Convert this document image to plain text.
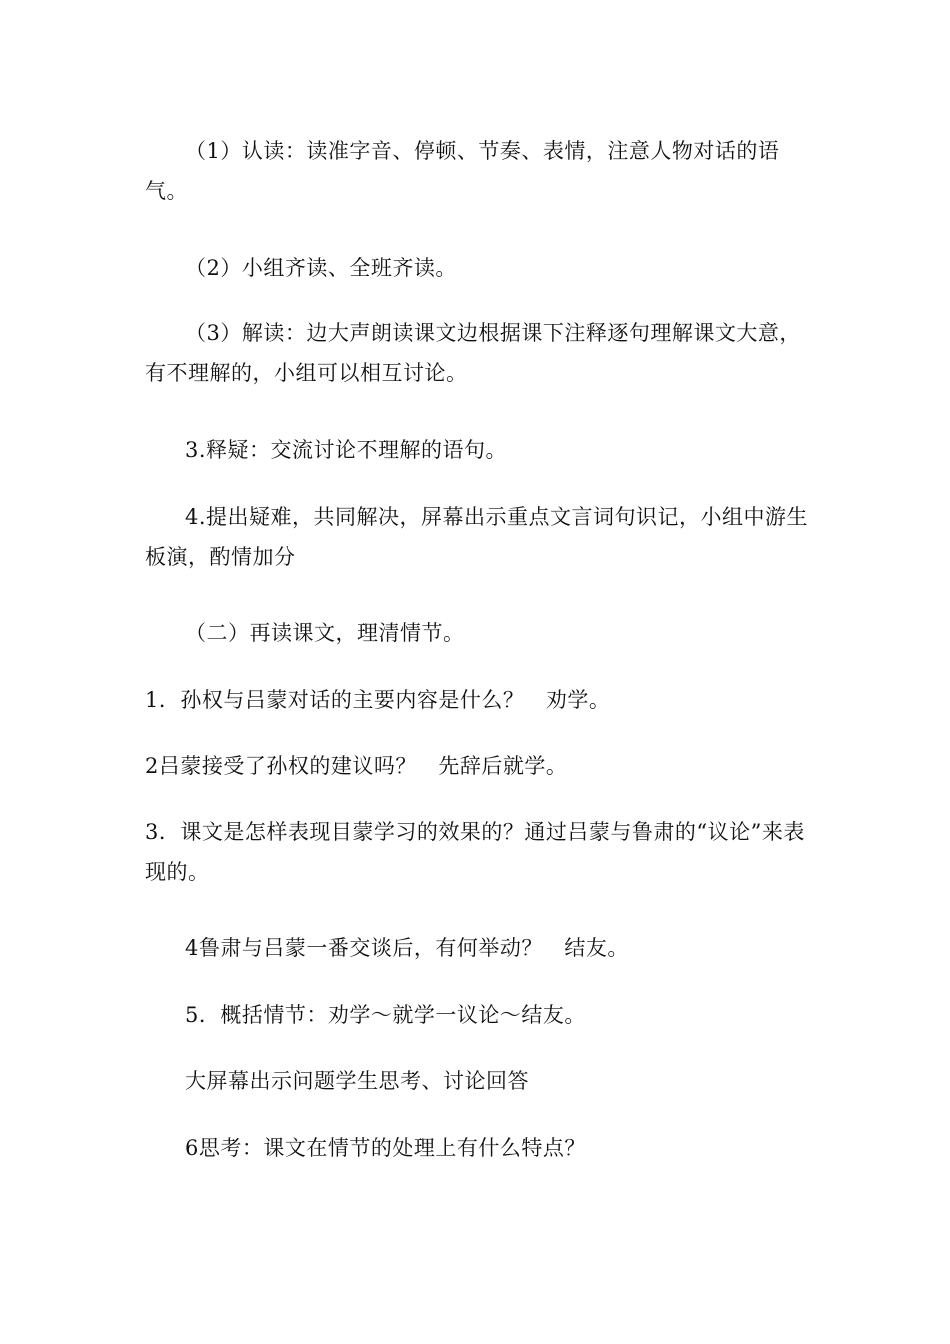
（1）认读：读准字音、停顿、节奏、表情，注意人物对话的语气。

（2）小组齐读、全班齐读。

（3）解读：边大声朗读课文边根据课下注释逐句理解课文大意，有不理解的，小组可以相互讨论。

3.释疑：交流讨论不理解的语句。

4.提出疑难，共同解决，屏幕出示重点文言词句识记，小组中游生板演，酌情加分

（二）再读课文，理清情节。

1．孙权与吕蒙对话的主要内容是什么？　劝学。

2吕蒙接受了孙权的建议吗？　先辞后就学。

3．课文是怎样表现目蒙学习的效果的？通过吕蒙与鲁肃的“议论”来表现的。

4鲁肃与吕蒙一番交谈后，有何举动？　结友。

5．概括情节：劝学～就学一议论～结友。

大屏幕出示问题学生思考、讨论回答

6思考：课文在情节的处理上有什么特点？
